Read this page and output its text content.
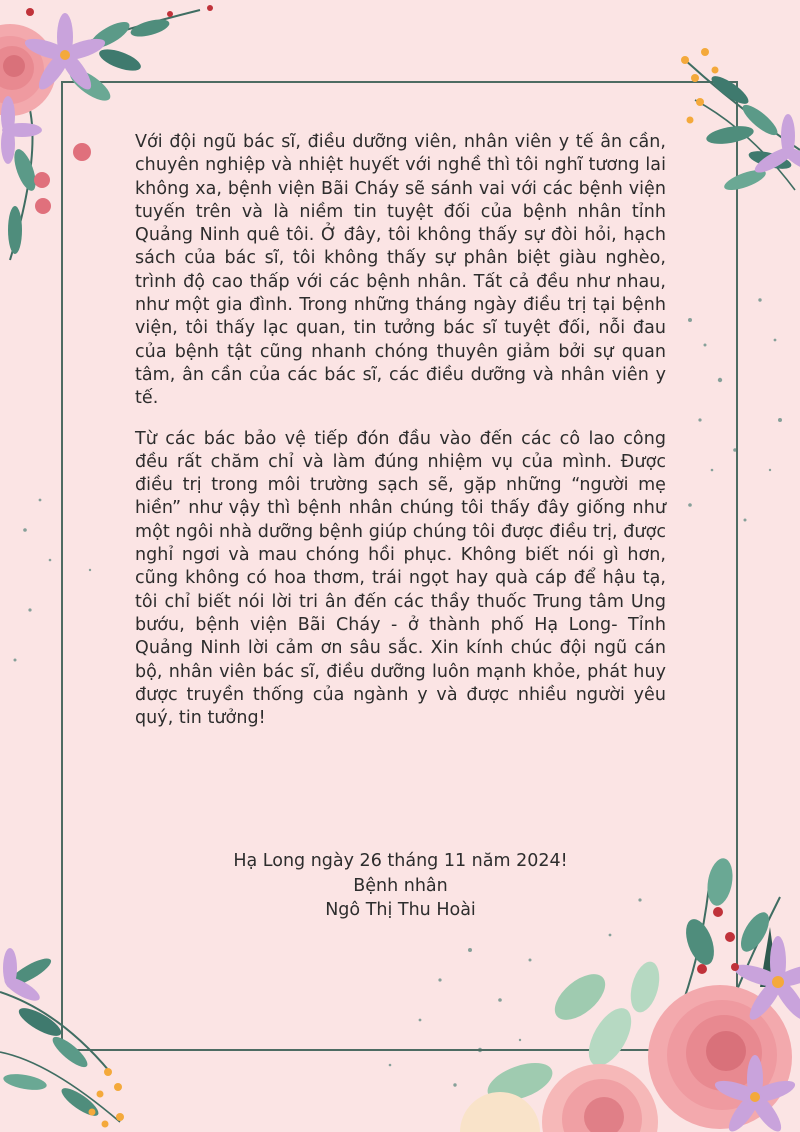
Với đội ngũ bác sĩ, điều dưỡng viên, nhân viên y tế ân cần, chuyên nghiệp và nhiệt huyết với nghề thì tôi nghĩ tương lai không xa, bệnh viện Bãi Cháy sẽ sánh vai với các bệnh viện tuyến trên và là niềm tin tuyệt đối của bệnh nhân tỉnh Quảng Ninh quê tôi. Ở đây, tôi không thấy sự đòi hỏi, hạch sách của bác sĩ, tôi không thấy sự phân biệt giàu nghèo, trình độ cao thấp với các bệnh nhân. Tất cả đều như nhau, như một gia đình. Trong những tháng ngày điều trị tại bệnh viện, tôi thấy lạc quan, tin tưởng bác sĩ tuyệt đối, nỗi đau của bệnh tật cũng nhanh chóng thuyên giảm bởi sự quan tâm, ân cần của các bác sĩ, các điều dưỡng và nhân viên y tế.

Từ các bác bảo vệ tiếp đón đầu vào đến các cô lao công đều rất chăm chỉ và làm đúng nhiệm vụ của mình. Được điều trị trong môi trường sạch sẽ, gặp những “người mẹ hiền” như vậy thì bệnh nhân chúng tôi thấy đây giống như một ngôi nhà dưỡng bệnh giúp chúng tôi được điều trị, được nghỉ ngơi và mau chóng hồi phục. Không biết nói gì hơn, cũng không có hoa thơm, trái ngọt hay quà cáp để hậu tạ, tôi chỉ biết nói lời tri ân đến các thầy thuốc Trung tâm Ung bướu, bệnh viện Bãi Cháy - ở thành phố Hạ Long- Tỉnh Quảng Ninh lời cảm ơn sâu sắc. Xin kính chúc đội ngũ cán bộ, nhân viên bác sĩ, điều dưỡng luôn mạnh khỏe, phát huy được truyền thống của ngành y và được nhiều người yêu quý, tin tưởng!

Hạ Long ngày 26 tháng 11 năm 2024!
Bệnh nhân
Ngô Thị Thu Hoài
